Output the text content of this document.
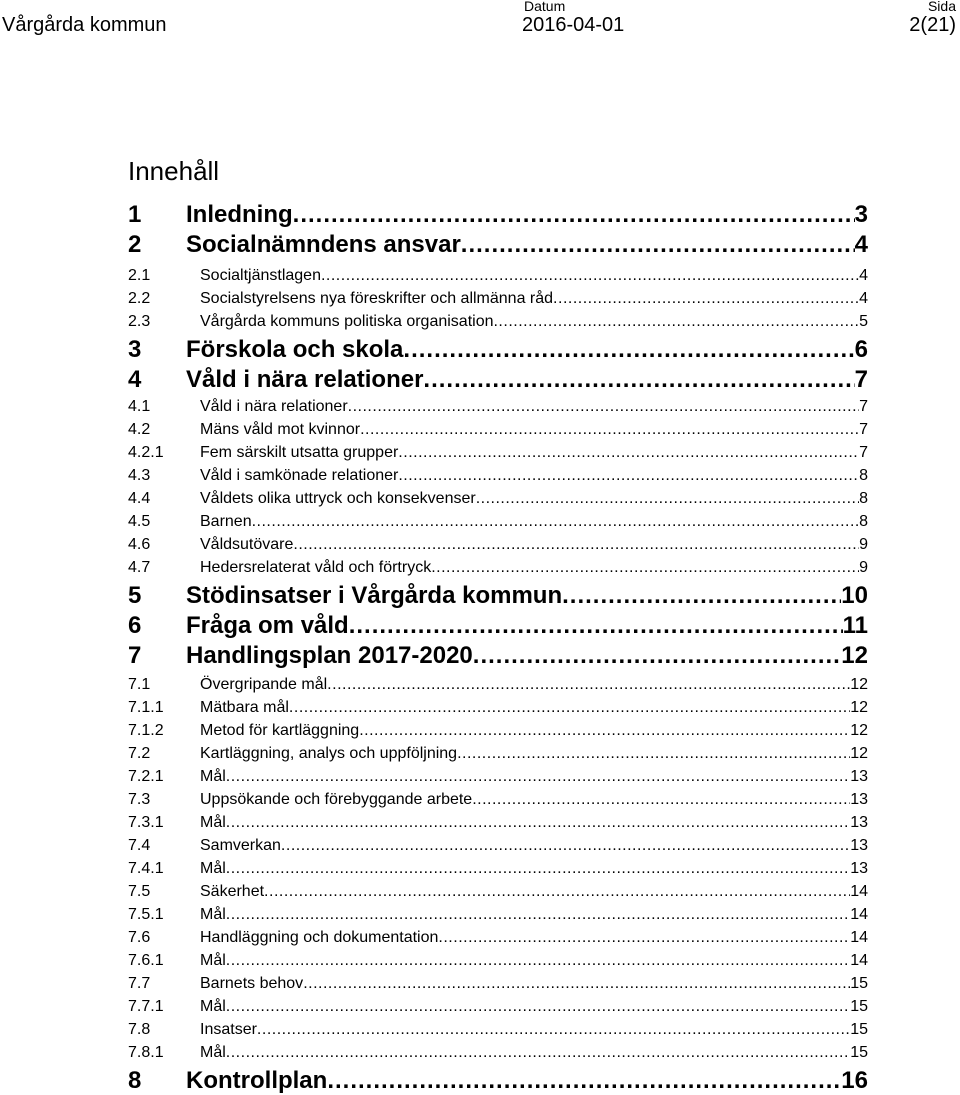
Vårgårda kommun
Datum
2016-04-01
Sida
2(21)
Innehåll
1	Inledning .....	3
2	Socialnämndens ansvar .....	4
2.1	Socialtjänstlagen .....	4
2.2	Socialstyrelsens nya föreskrifter och allmänna råd .....	4
2.3	Vårgårda kommuns politiska organisation .....	5
3	Förskola och skola .....	6
4	Våld i nära relationer .....	7
4.1	Våld i nära relationer .....	7
4.2	Mäns våld mot kvinnor .....	7
4.2.1	Fem särskilt utsatta grupper .....	7
4.3	Våld i samkönade relationer .....	8
4.4	Våldets olika uttryck och konsekvenser .....	8
4.5	Barnen .....	8
4.6	Våldsutövare .....	9
4.7	Hedersrelaterat våld och förtryck .....	9
5	Stödinsatser i Vårgårda kommun .....	10
6	Fråga om våld .....	11
7	Handlingsplan 2017-2020 .....	12
7.1	Övergripande mål .....	12
7.1.1	Mätbara mål .....	12
7.1.2	Metod för kartläggning .....	12
7.2	Kartläggning, analys och uppföljning .....	12
7.2.1	Mål .....	13
7.3	Uppsökande och förebyggande arbete .....	13
7.3.1	Mål .....	13
7.4	Samverkan .....	13
7.4.1	Mål .....	13
7.5	Säkerhet .....	14
7.5.1	Mål .....	14
7.6	Handläggning och dokumentation .....	14
7.6.1	Mål .....	14
7.7	Barnets behov .....	15
7.7.1	Mål .....	15
7.8	Insatser .....	15
7.8.1	Mål .....	15
8	Kontrollplan .....	16
